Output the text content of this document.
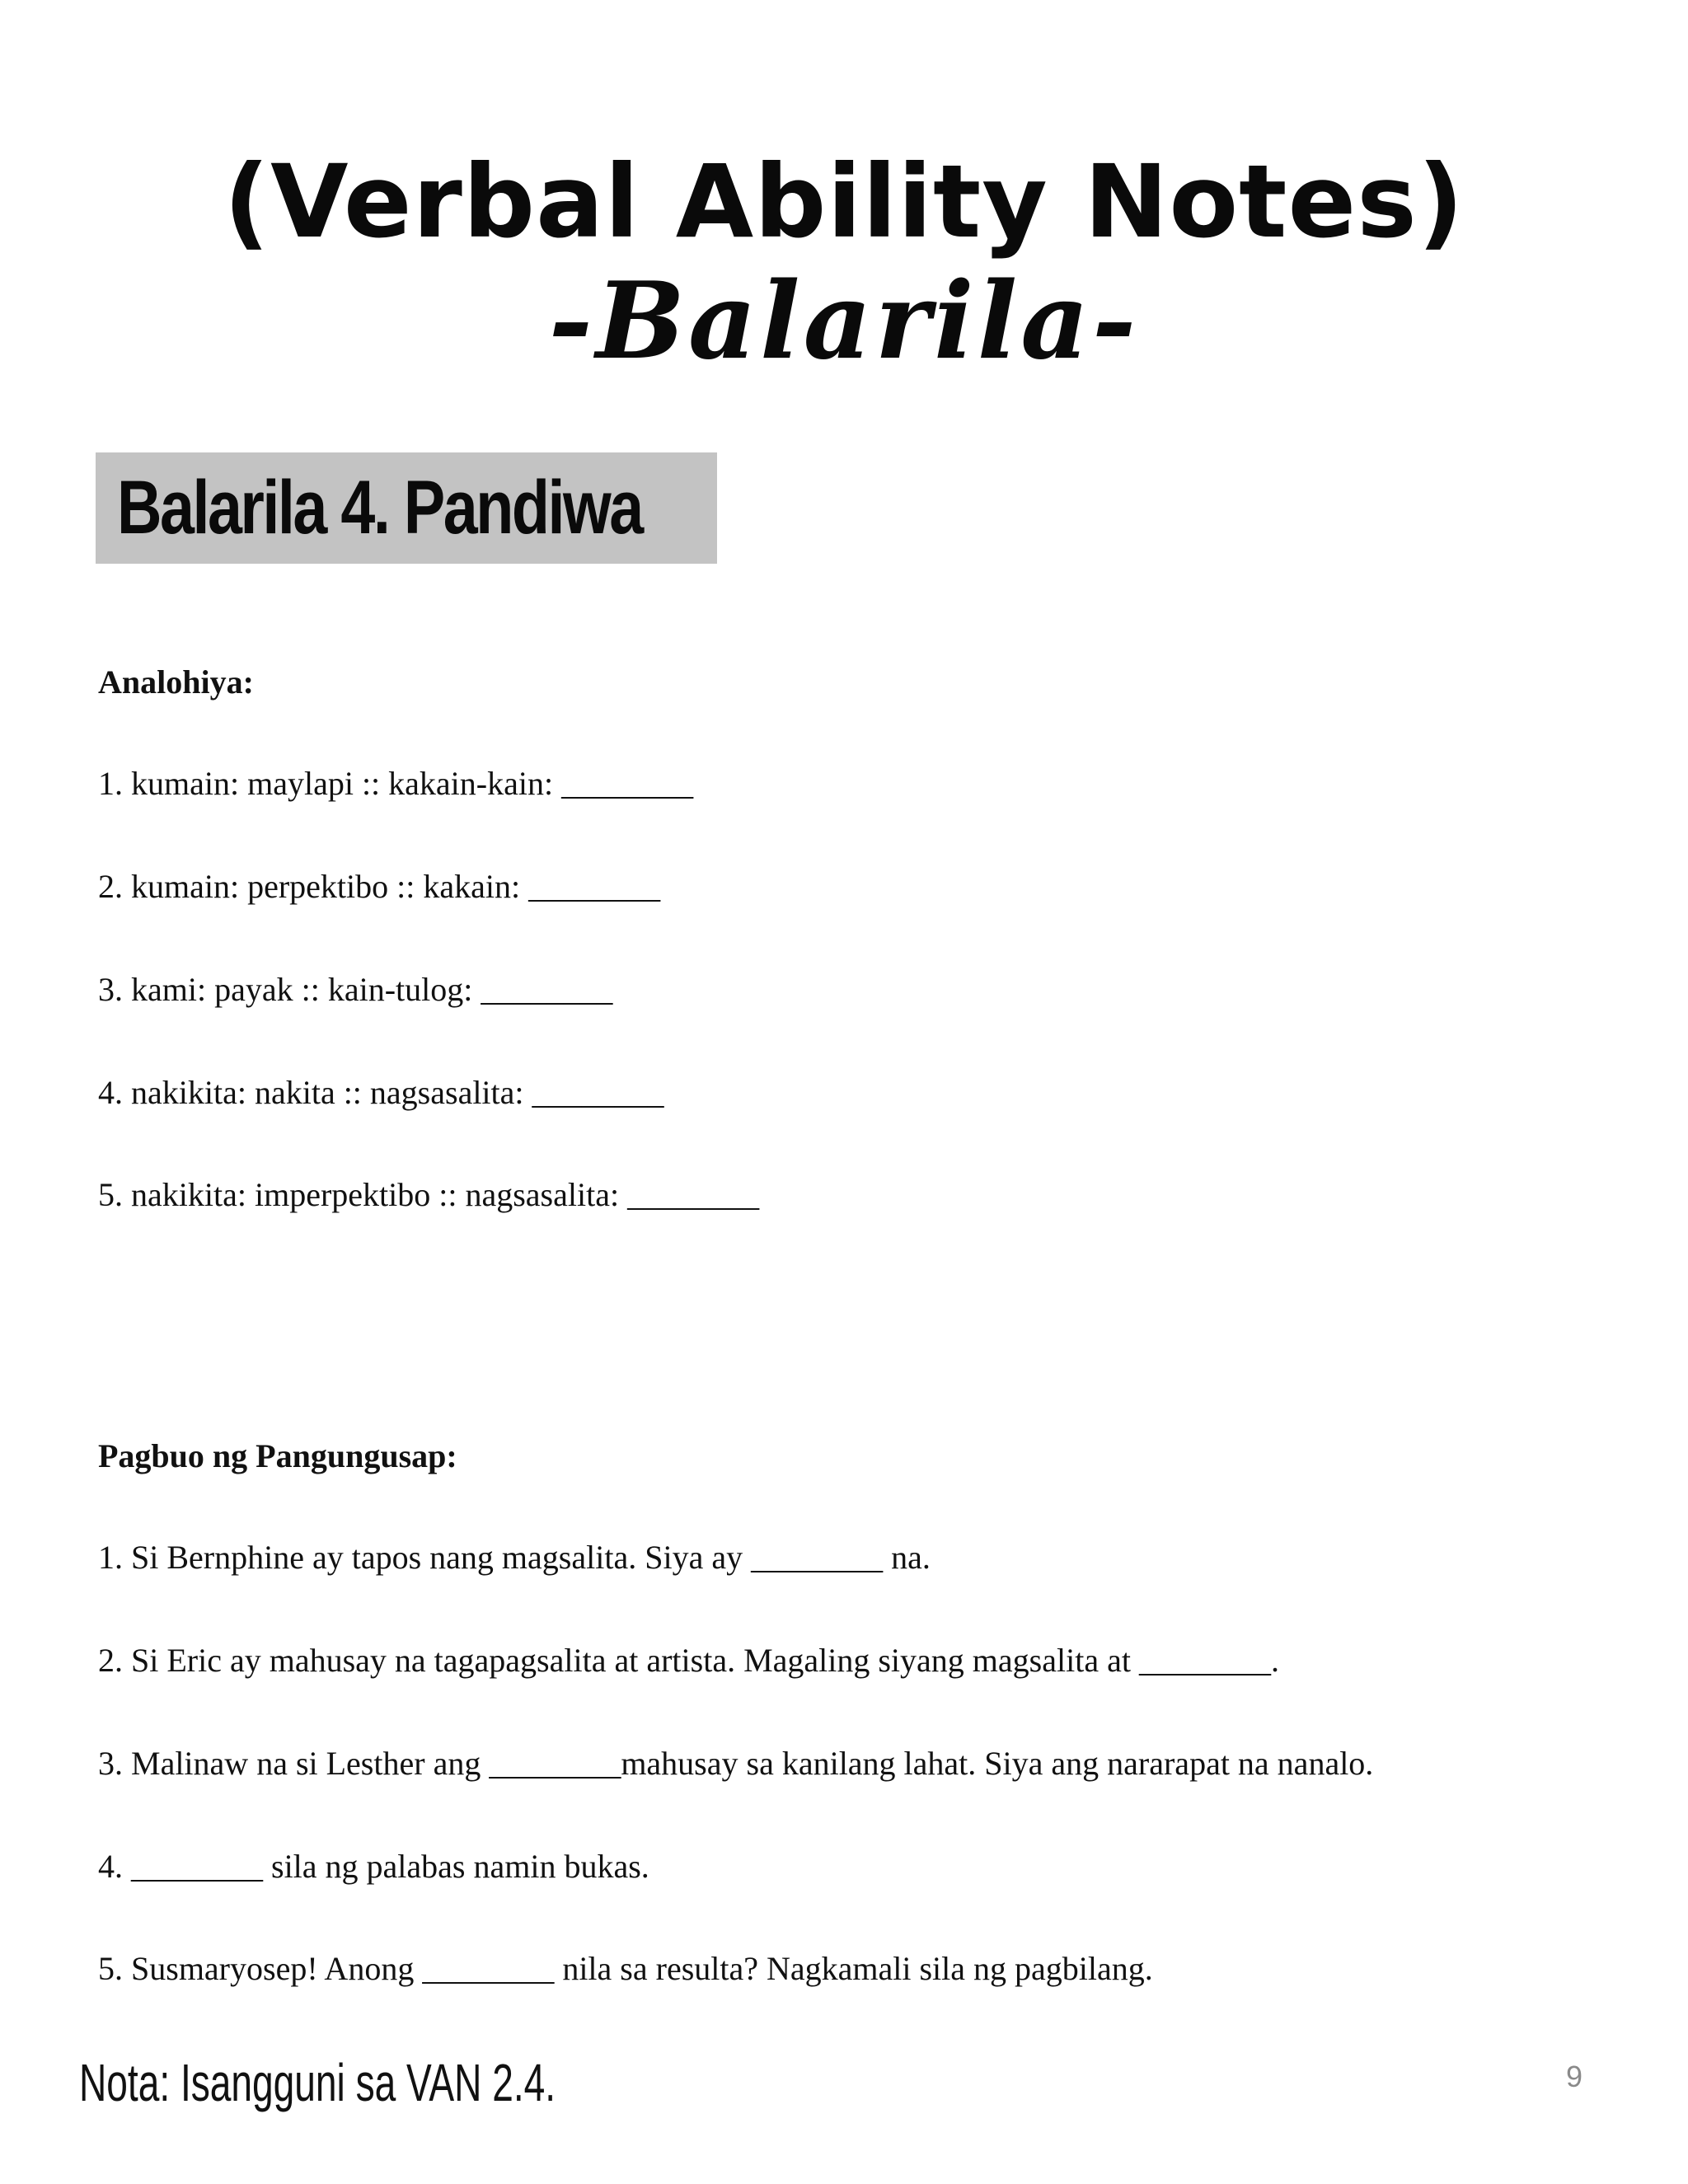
(Verbal Ability Notes)
-Balarila-
Balarila 4. Pandiwa
Analohiya:
1. kumain: maylapi :: kakain-kain: ________
2. kumain: perpektibo :: kakain: ________
3. kami: payak :: kain-tulog: ________
4. nakikita: nakita :: nagsasalita: ________
5. nakikita: imperpektibo :: nagsasalita: ________
Pagbuo ng Pangungusap:
1. Si Bernphine ay tapos nang magsalita. Siya ay ________ na.
2. Si Eric ay mahusay na tagapagsalita at artista. Magaling siyang magsalita at ________.
3. Malinaw na si Lesther ang ________mahusay sa kanilang lahat. Siya ang nararapat na nanalo.
4. ________ sila ng palabas namin bukas.
5. Susmaryosep! Anong ________ nila sa resulta? Nagkamali sila ng pagbilang.
Nota: Isangguni sa VAN 2.4.	9
